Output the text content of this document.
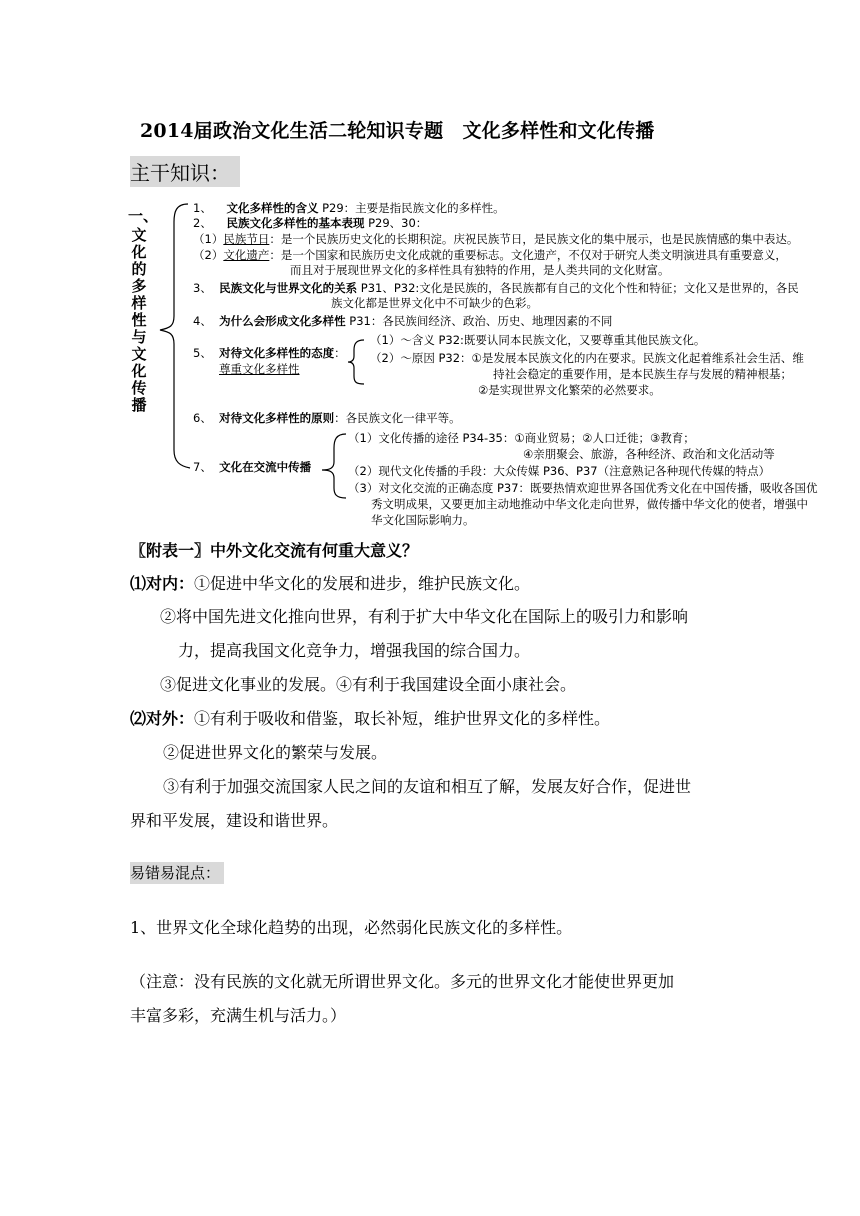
2014届政治文化生活二轮知识专题　文化多样性和文化传播
主干知识：
一、
文
化
的
多
样
性
与
文
化
传
播
1、 文化多样性的含义 P29：主要是指民族文化的多样性。
2、 民族文化多样性的基本表现 P29、30：
（1）民族节日：是一个民族历史文化的长期积淀。庆祝民族节日，是民族文化的集中展示，也是民族情感的集中表达。
（2）文化遗产：是一个国家和民族历史文化成就的重要标志。文化遗产，不仅对于研究人类文明演进具有重要意义，
而且对于展现世界文化的多样性具有独特的作用，是人类共同的文化财富。
3、 民族文化与世界文化的关系 P31、P32:文化是民族的，各民族都有自己的文化个性和特征；文化又是世界的，各民
族文化都是世界文化中不可缺少的色彩。
4、 为什么会形成文化多样性 P31：各民族间经济、政治、历史、地理因素的不同
5、 对待文化多样性的态度：
尊重文化多样性
（1）～含义 P32:既要认同本民族文化，又要尊重其他民族文化。
（2）～原因 P32：①是发展本民族文化的内在要求。民族文化起着维系社会生活、维
持社会稳定的重要作用，是本民族生存与发展的精神根基；
②是实现世界文化繁荣的必然要求。
6、 对待文化多样性的原则：各民族文化一律平等。
7、 文化在交流中传播
（1）文化传播的途径 P34-35：①商业贸易；②人口迁徙；③教育；
④亲朋聚会、旅游，各种经济、政治和文化活动等
（2）现代文化传播的手段：大众传媒 P36、P37（注意熟记各种现代传媒的特点）
（3）对文化交流的正确态度 P37：既要热情欢迎世界各国优秀文化在中国传播，吸收各国优
秀文明成果，又要更加主动地推动中华文化走向世界，做传播中华文化的使者，增强中
华文化国际影响力。
〖附表一〗中外文化交流有何重大意义？
⑴对内：①促进中华文化的发展和进步，维护民族文化。
②将中国先进文化推向世界，有利于扩大中华文化在国际上的吸引力和影响
力，提高我国文化竞争力，增强我国的综合国力。
③促进文化事业的发展。④有利于我国建设全面小康社会。
⑵对外：①有利于吸收和借鉴，取长补短，维护世界文化的多样性。
②促进世界文化的繁荣与发展。
③有利于加强交流国家人民之间的友谊和相互了解，发展友好合作，促进世
界和平发展，建设和谐世界。
易错易混点：
1、世界文化全球化趋势的出现，必然弱化民族文化的多样性。
（注意：没有民族的文化就无所谓世界文化。多元的世界文化才能使世界更加
丰富多彩，充满生机与活力。）
